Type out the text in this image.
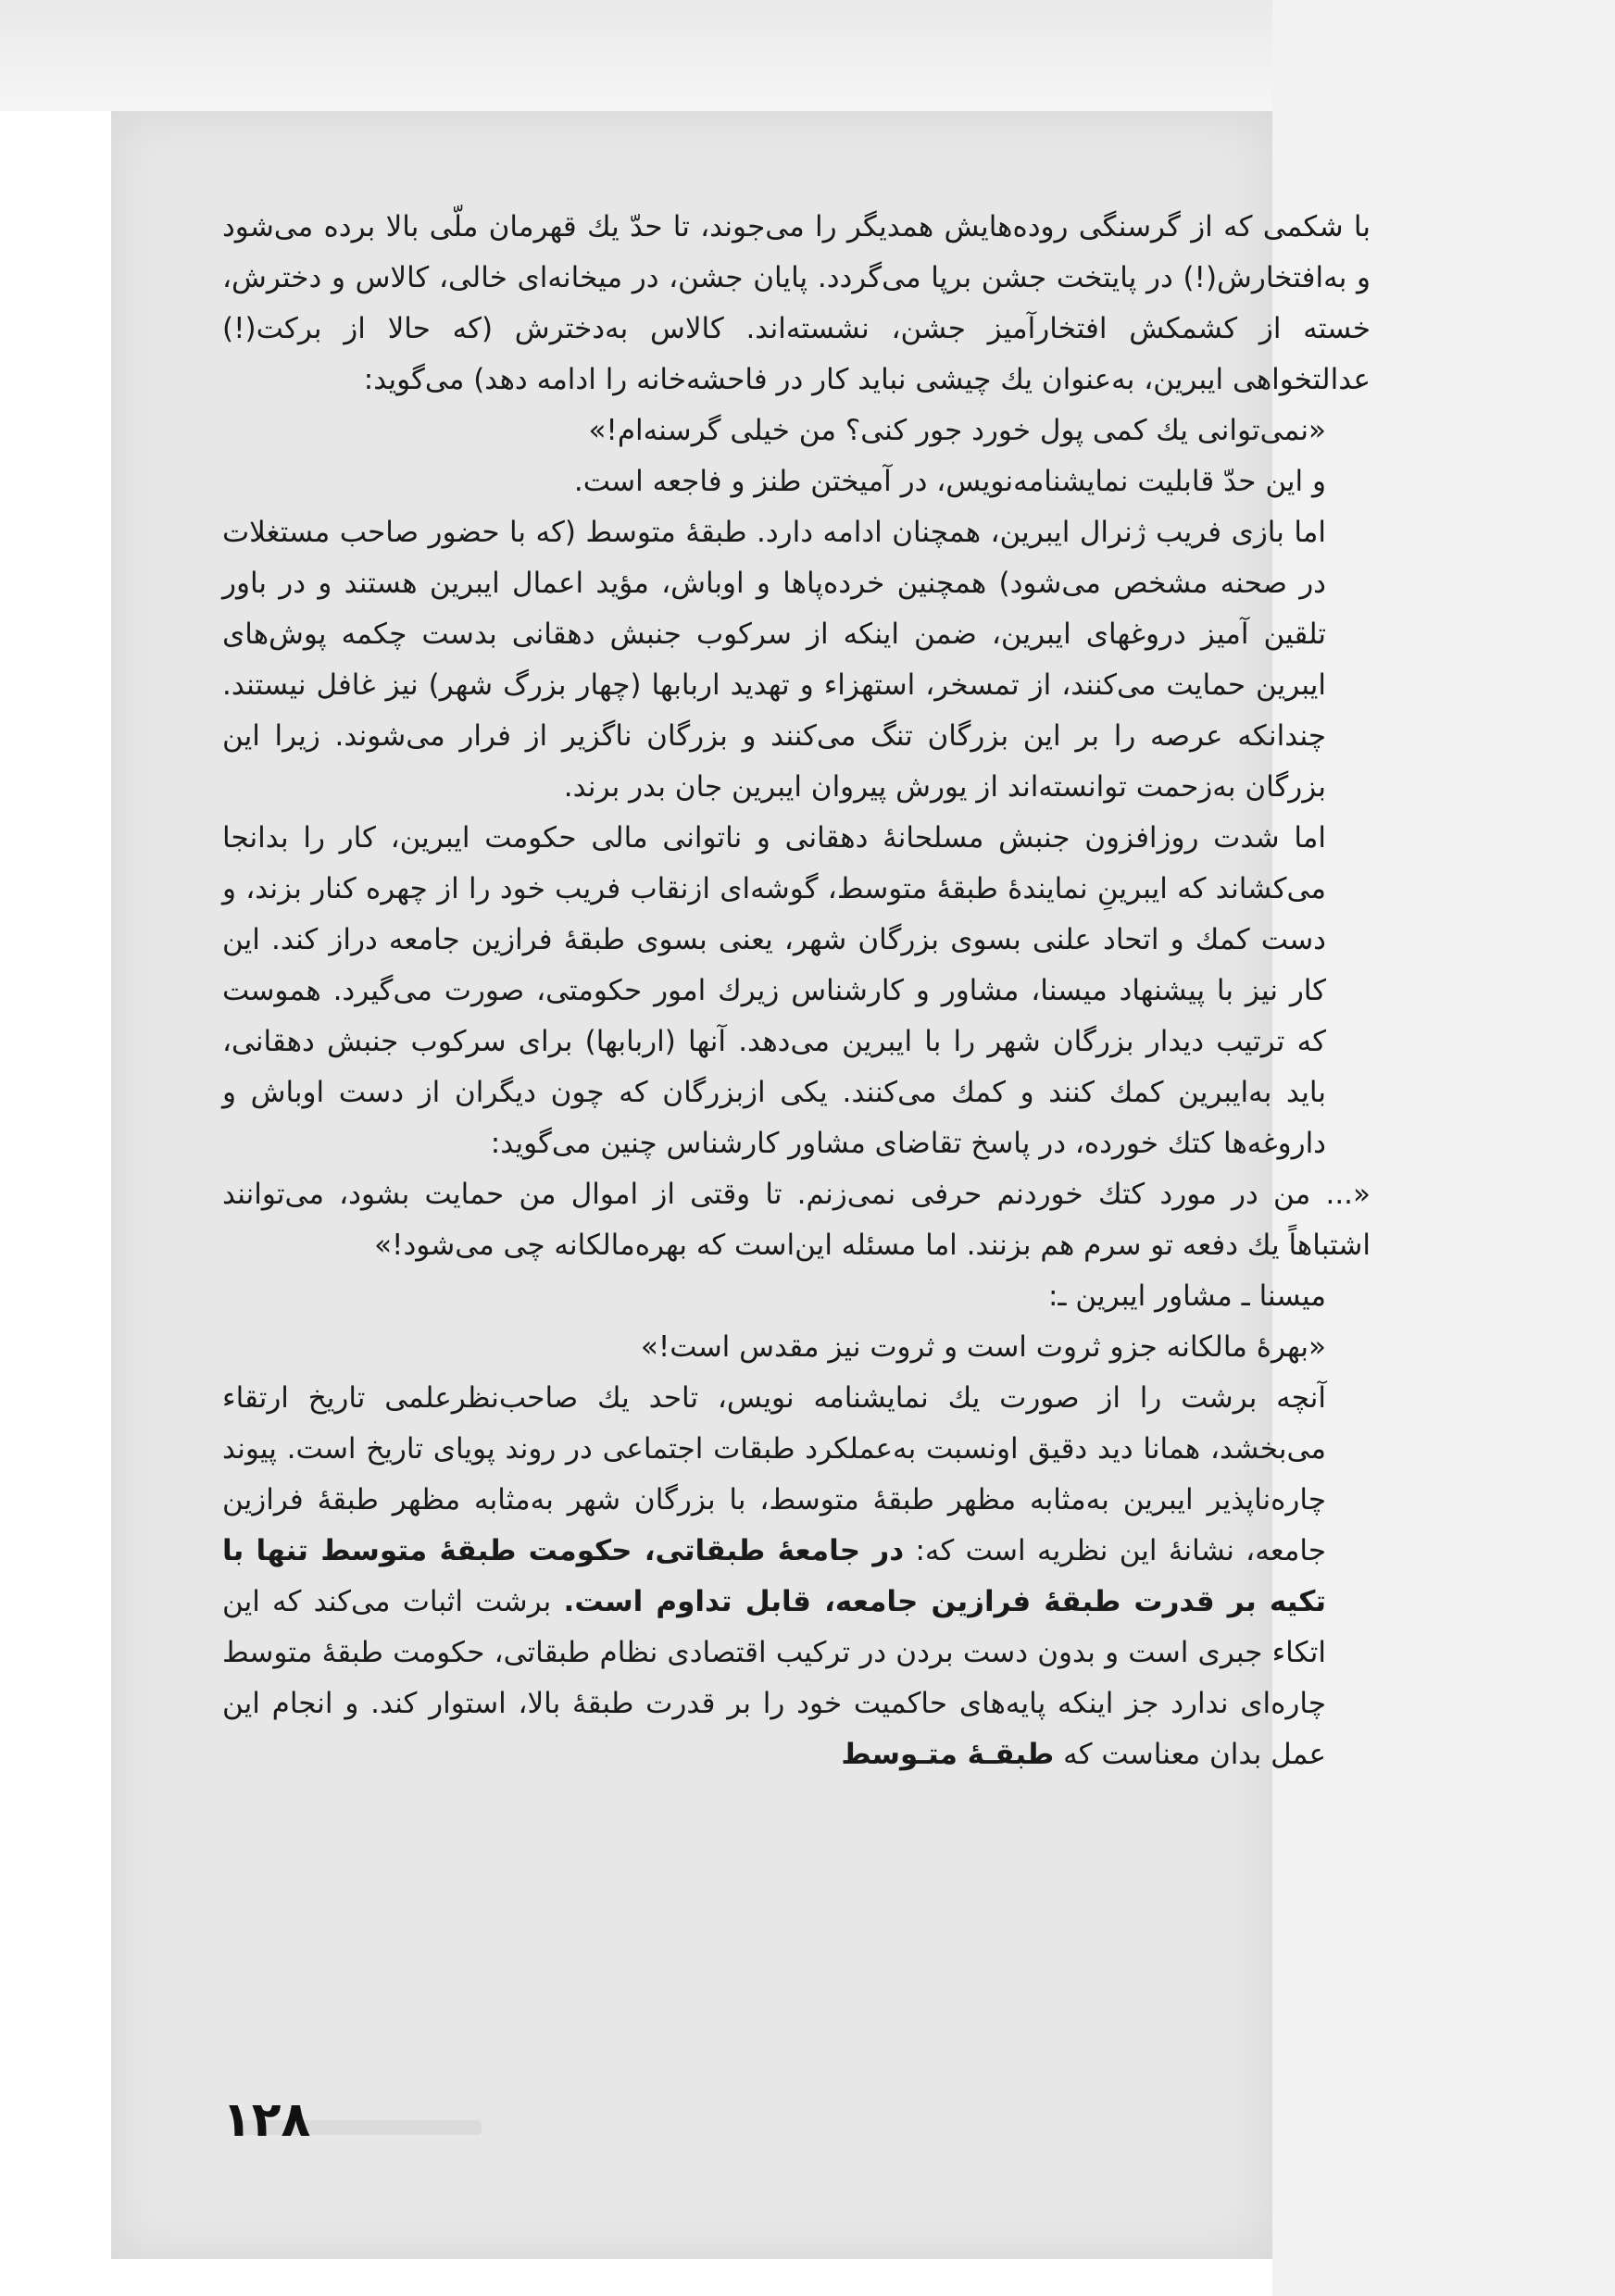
با شکمی که از گرسنگی روده‌هایش همدیگر را می‌جوند، تا حدّ یك قهرمان ملّی بالا برده می‌شود و به‌افتخارش(!) در پایتخت جشن برپا می‌گردد. پایان جشن، در میخانه‌ای خالی، کالاس و دخترش، خسته از کشمکش افتخارآمیز جشن، نشسته‌اند. کالاس به‌دخترش (که حالا از برکت(!) عدالتخواهی ایبرین، به‌عنوان یك چیشی نباید کار در فاحشه‌خانه را ادامه دهد) می‌گوید:

«نمی‌توانی یك کمی پول خورد جور کنی؟ من خیلی گرسنه‌ام!»

و این حدّ قابلیت نمایشنامه‌نویس، در آمیختن طنز و فاجعه است.

اما بازی فریب ژنرال ایبرین، همچنان ادامه دارد. طبقهٔ متوسط (که با حضور صاحب مستغلات در صحنه مشخص می‌شود) همچنین خرده‌پاها و اوباش، مؤید اعمال ایبرین هستند و در باور تلقین آمیز دروغهای ایبرین، ضمن اینکه از سرکوب جنبش دهقانی بدست چکمه پوش‌های ایبرین حمایت می‌کنند، از تمسخر، استهزاء و تهدید اربابها (چهار بزرگ شهر) نیز غافل نیستند. چندانکه عرصه را بر این بزرگان تنگ می‌کنند و بزرگان ناگزیر از فرار می‌شوند. زیرا این بزرگان به‌زحمت توانسته‌اند از یورش پیروان ایبرین جان بدر برند.

اما شدت روزافزون جنبش مسلحانهٔ دهقانی و ناتوانی مالی حکومت ایبرین، کار را بدانجا می‌کشاند که ایبرینِ نمایندهٔ طبقهٔ متوسط، گوشه‌ای ازنقاب فریب خود را از چهره کنار بزند، و دست کمك و اتحاد علنی بسوی بزرگان شهر، یعنی بسوی طبقهٔ فرازین جامعه دراز کند. این کار نیز با پیشنهاد میسنا، مشاور و کارشناس زیرك امور حکومتی، صورت می‌گیرد. هموست که ترتیب دیدار بزرگان شهر را با ایبرین می‌دهد. آنها (اربابها) برای سرکوب جنبش دهقانی، باید به‌ایبرین کمك کنند و کمك می‌کنند. یکی ازبزرگان که چون دیگران از دست اوباش و داروغه‌ها کتك خورده، در پاسخ تقاضای مشاور کارشناس چنین می‌گوید:

«... من در مورد کتك خوردنم حرفی نمی‌زنم. تا وقتی از اموال من حمایت بشود، می‌توانند اشتباهاً یك دفعه تو سرم هم بزنند. اما مسئله این‌است که بهره‌مالکانه چی می‌شود!»

میسنا ـ مشاور ایبرین ـ:

«بهرهٔ مالکانه جزو ثروت است و ثروت نیز مقدس است!»

آنچه برشت را از صورت یك نمایشنامه نویس، تاحد یك صاحب‌نظرعلمی تاریخ ارتقاء می‌بخشد، همانا دید دقیق اونسبت به‌عملکرد طبقات اجتماعی در روند پویای تاریخ است. پیوند چاره‌ناپذیر ایبرین به‌مثابه مظهر طبقهٔ متوسط، با بزرگان شهر به‌مثابه مظهر طبقهٔ فرازین جامعه، نشانهٔ این نظریه است که: در جامعهٔ طبقاتی، حکومت طبقهٔ متوسط تنها با تکیه بر قدرت طبقهٔ فرازین جامعه، قابل تداوم است. برشت اثبات می‌کند که این اتکاء جبری است و بدون دست بردن در ترکیب اقتصادی نظام طبقاتی، حکومت طبقهٔ متوسط چاره‌ای ندارد جز اینکه پایه‌های حاکمیت خود را بر قدرت طبقهٔ بالا، استوار کند. و انجام این عمل بدان معناست که طبقـهٔ متـوسط

۱۲۸
